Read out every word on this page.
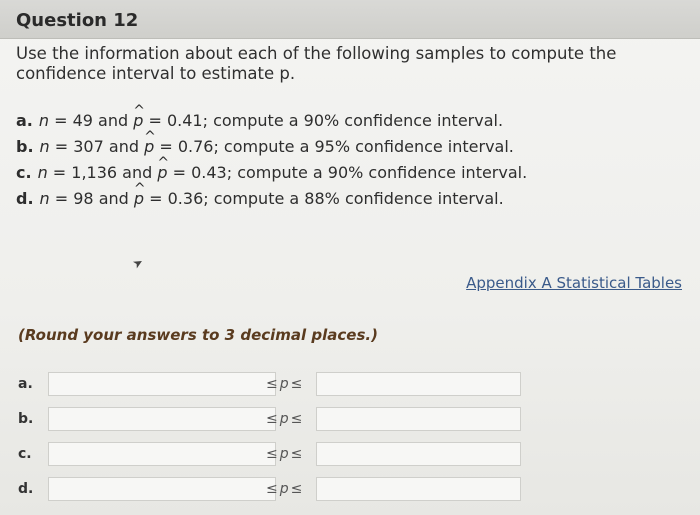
Question 12
Use the information about each of the following samples to compute the confidence interval to estimate p.
a. n = 49 and ^ p = 0.41; compute a 90% confidence interval.
b. n = 307 and ^ p = 0.76; compute a 95% confidence interval.
c. n = 1,136 and ^ p = 0.43; compute a 90% confidence interval.
d. n = 98 and ^ p = 0.36; compute a 88% confidence interval.
➤
Appendix A Statistical Tables
(Round your answers to 3 decimal places.)
a.	≤p≤
b.	≤p≤
c.	≤p≤
d.	≤p≤
